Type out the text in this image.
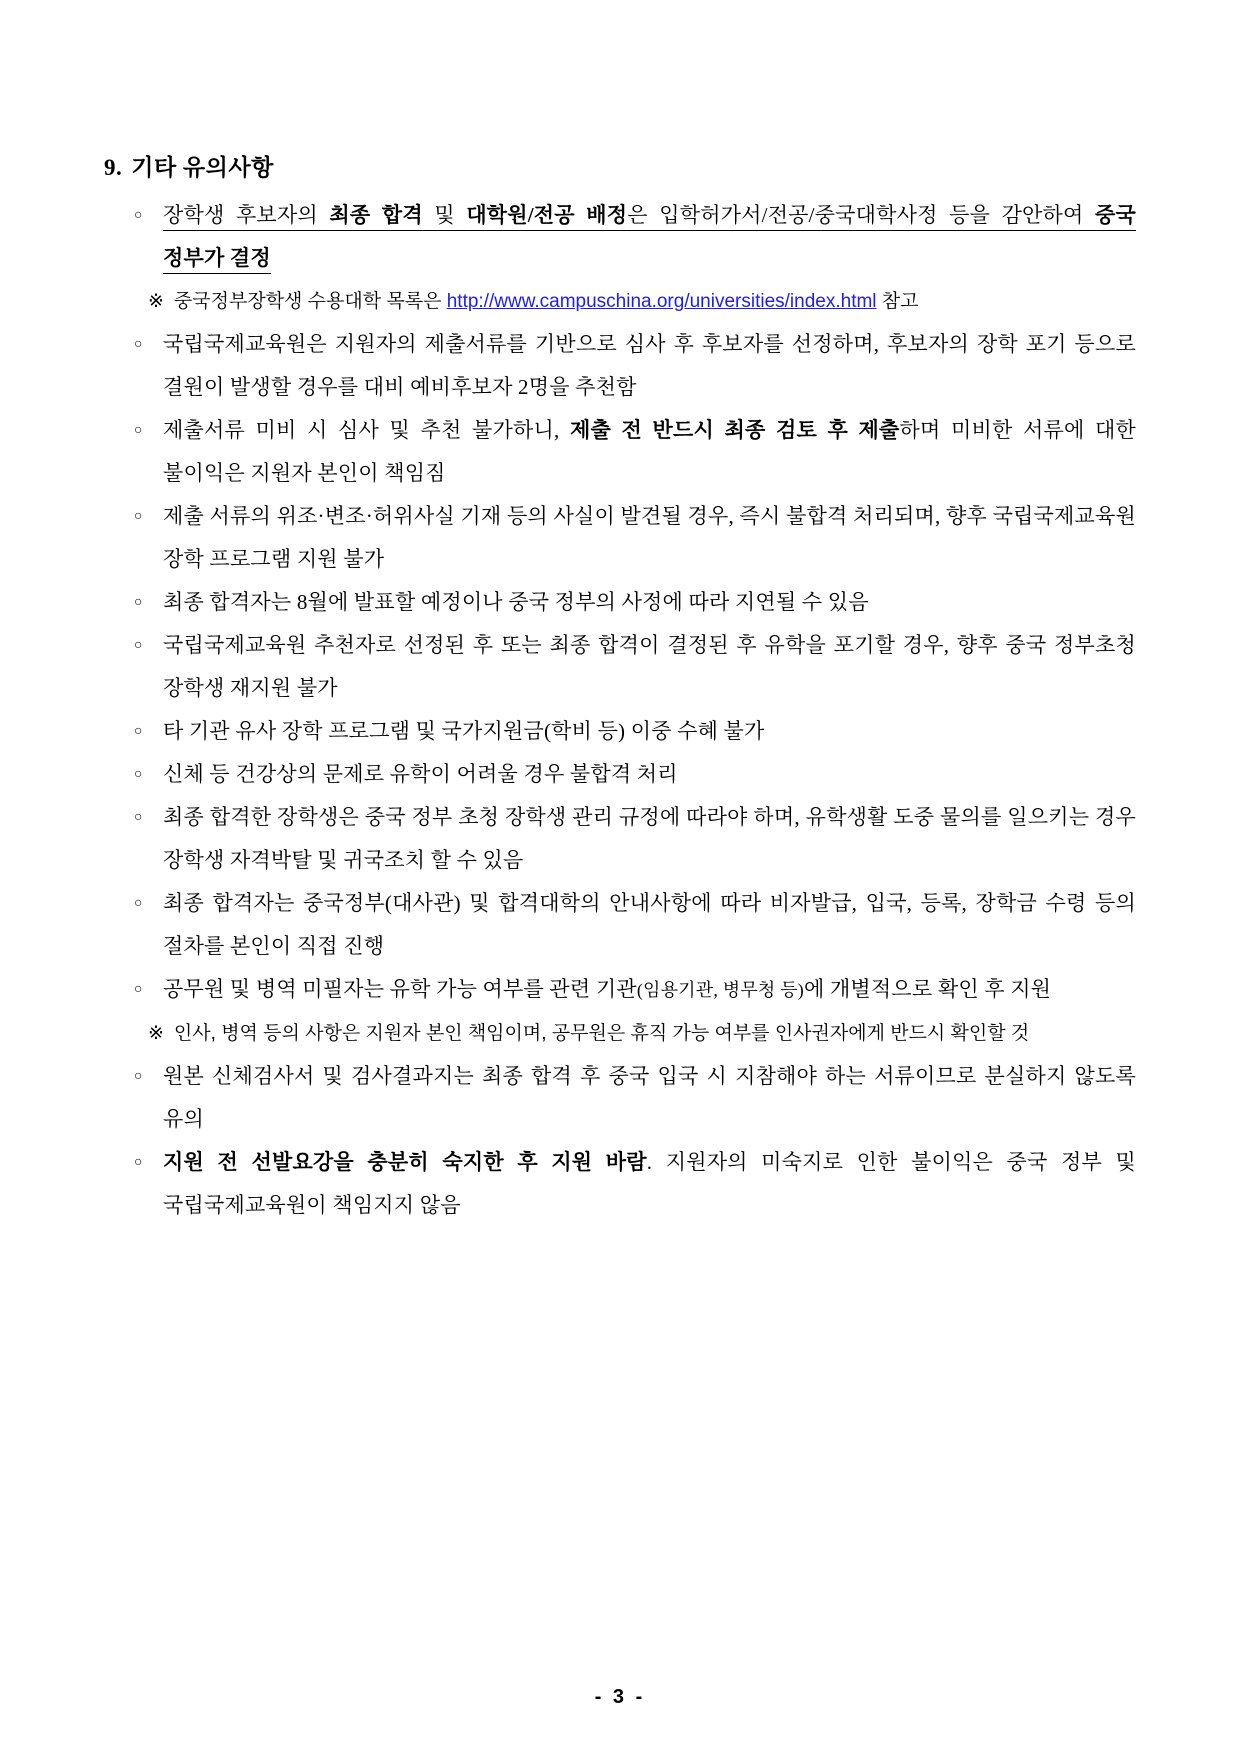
9. 기타 유의사항
○ 장학생 후보자의 최종 합격 및 대학원/전공 배정은 입학허가서/전공/중국대학사정 등을 감안하여 중국 정부가 결정

※ 중국정부장학생 수용대학 목록은 http://www.campuschina.org/universities/index.html 참고

○ 국립국제교육원은 지원자의 제출서류를 기반으로 심사 후 후보자를 선정하며, 후보자의 장학 포기 등으로 결원이 발생할 경우를 대비 예비후보자 2명을 추천함

○ 제출서류 미비 시 심사 및 추천 불가하니, 제출 전 반드시 최종 검토 후 제출하며 미비한 서류에 대한 불이익은 지원자 본인이 책임짐

○ 제출 서류의 위조·변조·허위사실 기재 등의 사실이 발견될 경우, 즉시 불합격 처리되며, 향후 국립국제교육원 장학 프로그램 지원 불가

○ 최종 합격자는 8월에 발표할 예정이나 중국 정부의 사정에 따라 지연될 수 있음

○ 국립국제교육원 추천자로 선정된 후 또는 최종 합격이 결정된 후 유학을 포기할 경우, 향후 중국 정부초청 장학생 재지원 불가

○ 타 기관 유사 장학 프로그램 및 국가지원금(학비 등) 이중 수혜 불가

○ 신체 등 건강상의 문제로 유학이 어려울 경우 불합격 처리

○ 최종 합격한 장학생은 중국 정부 초청 장학생 관리 규정에 따라야 하며, 유학생활 도중 물의를 일으키는 경우 장학생 자격박탈 및 귀국조치 할 수 있음

○ 최종 합격자는 중국정부(대사관) 및 합격대학의 안내사항에 따라 비자발급, 입국, 등록, 장학금 수령 등의 절차를 본인이 직접 진행

○ 공무원 및 병역 미필자는 유학 가능 여부를 관련 기관(임용기관, 병무청 등)에 개별적으로 확인 후 지원

※ 인사, 병역 등의 사항은 지원자 본인 책임이며, 공무원은 휴직 가능 여부를 인사권자에게 반드시 확인할 것

○ 원본 신체검사서 및 검사결과지는 최종 합격 후 중국 입국 시 지참해야 하는 서류이므로 분실하지 않도록 유의

○ 지원 전 선발요강을 충분히 숙지한 후 지원 바람. 지원자의 미숙지로 인한 불이익은 중국 정부 및 국립국제교육원이 책임지지 않음

- 3 -
